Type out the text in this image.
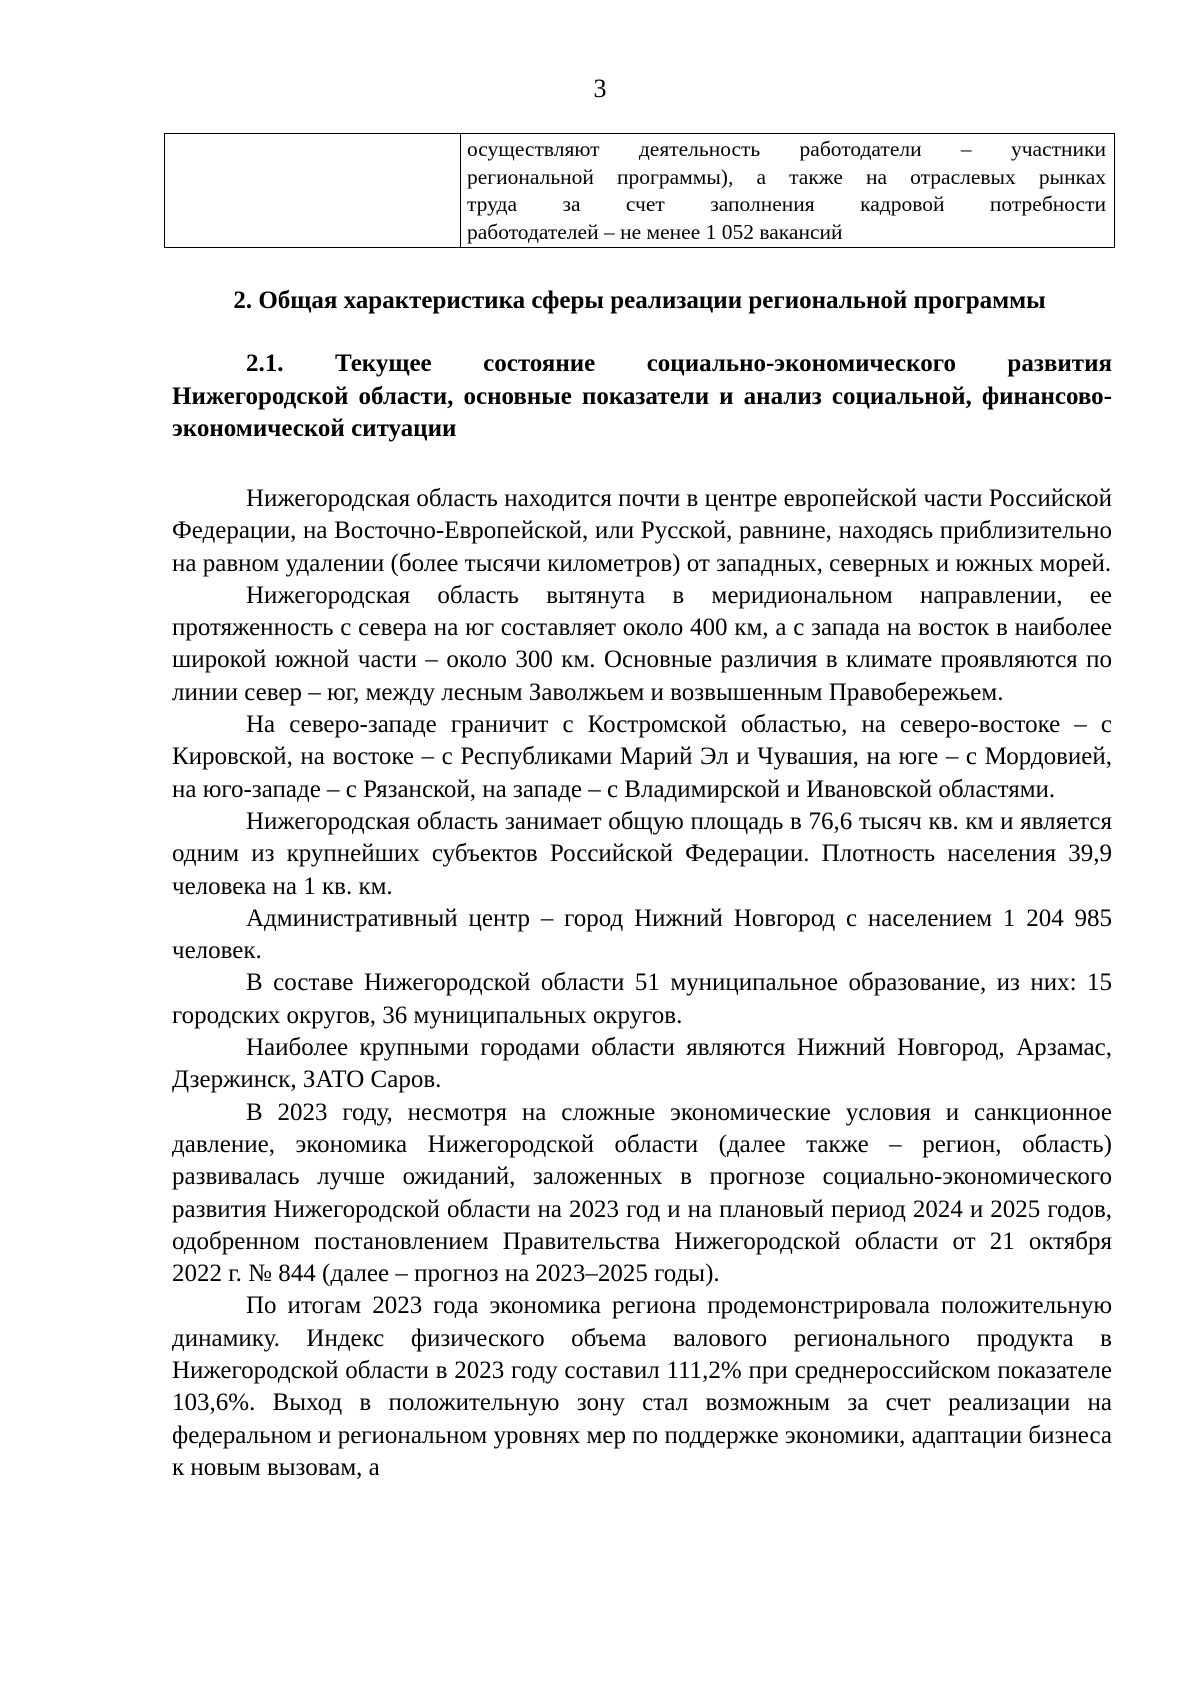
3
осуществляют деятельность работодатели – участники
региональной программы), а также на отраслевых рынках
труда за счет заполнения кадровой потребности
работодателей – не менее 1 052 вакансий
2. Общая характеристика сферы реализации региональной программы
2.1. Текущее состояние социально-экономического развития Нижегородской области, основные показатели и анализ социальной, финансово-экономической ситуации

Нижегородская область находится почти в центре европейской части Российской Федерации, на Восточно-Европейской, или Русской, равнине, находясь приблизительно на равном удалении (более тысячи километров) от западных, северных и южных морей.

Нижегородская область вытянута в меридиональном направлении, ее протяженность с севера на юг составляет около 400 км, а с запада на восток в наиболее широкой южной части – около 300 км. Основные различия в климате проявляются по линии север – юг, между лесным Заволжьем и возвышенным Правобережьем.

На северо-западе граничит с Костромской областью, на северо-востоке – с Кировской, на востоке – с Республиками Марий Эл и Чувашия, на юге – с Мордовией, на юго-западе – с Рязанской, на западе – с Владимирской и Ивановской областями.

Нижегородская область занимает общую площадь в 76,6 тысяч кв. км и является одним из крупнейших субъектов Российской Федерации. Плотность населения 39,9 человека на 1 кв. км.

Административный центр – город Нижний Новгород с населением 1 204 985 человек.

В составе Нижегородской области 51 муниципальное образование, из них: 15 городских округов, 36 муниципальных округов.

Наиболее крупными городами области являются Нижний Новгород, Арзамас, Дзержинск, ЗАТО Саров.

В 2023 году, несмотря на сложные экономические условия и санкционное давление, экономика Нижегородской области (далее также – регион, область) развивалась лучше ожиданий, заложенных в прогнозе социально-экономического развития Нижегородской области на 2023 год и на плановый период 2024 и 2025 годов, одобренном постановлением Правительства Нижегородской области от 21 октября 2022 г. № 844 (далее – прогноз на 2023–2025 годы).

По итогам 2023 года экономика региона продемонстрировала положительную динамику. Индекс физического объема валового регионального продукта в Нижегородской области в 2023 году составил 111,2% при среднероссийском показателе 103,6%. Выход в положительную зону стал возможным за счет реализации на федеральном и региональном уровнях мер по поддержке экономики, адаптации бизнеса к новым вызовам, а
